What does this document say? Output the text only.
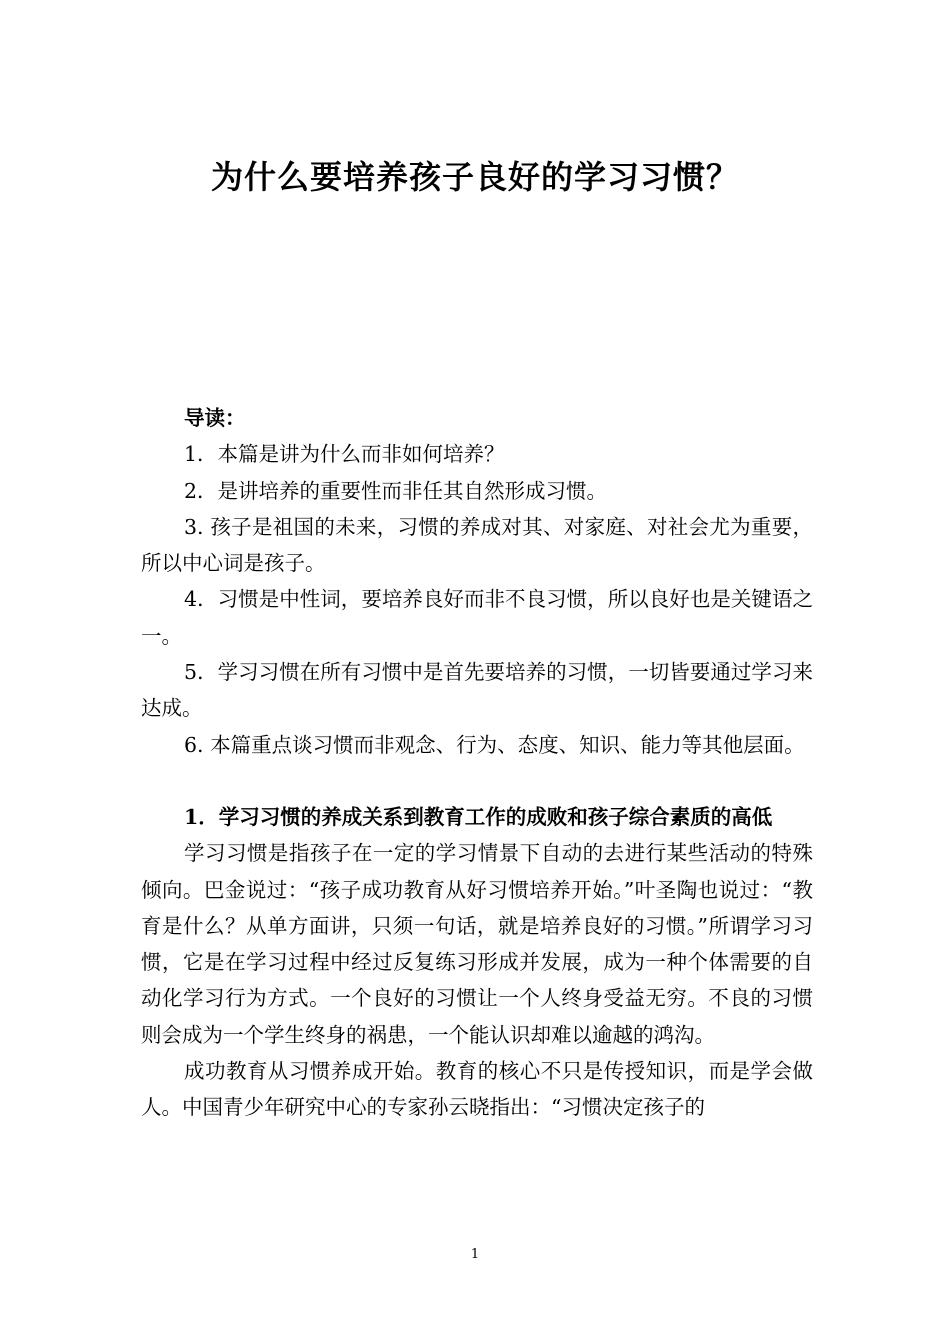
为什么要培养孩子良好的学习习惯？

导读：

1．本篇是讲为什么而非如何培养？

2．是讲培养的重要性而非任其自然形成习惯。

3. 孩子是祖国的未来，习惯的养成对其、对家庭、对社会尤为重要，所以中心词是孩子。

4．习惯是中性词，要培养良好而非不良习惯，所以良好也是关键语之一。

5．学习习惯在所有习惯中是首先要培养的习惯，一切皆要通过学习来达成。

6. 本篇重点谈习惯而非观念、行为、态度、知识、能力等其他层面。

1．学习习惯的养成关系到教育工作的成败和孩子综合素质的高低

学习习惯是指孩子在一定的学习情景下自动的去进行某些活动的特殊倾向。巴金说过：“孩子成功教育从好习惯培养开始。”叶圣陶也说过：“教育是什么？从单方面讲，只须一句话，就是培养良好的习惯。”所谓学习习惯，它是在学习过程中经过反复练习形成并发展，成为一种个体需要的自动化学习行为方式。一个良好的习惯让一个人终身受益无穷。不良的习惯则会成为一个学生终身的祸患，一个能认识却难以逾越的鸿沟。

成功教育从习惯养成开始。教育的核心不只是传授知识，而是学会做人。中国青少年研究中心的专家孙云晓指出：“习惯决定孩子的

1
